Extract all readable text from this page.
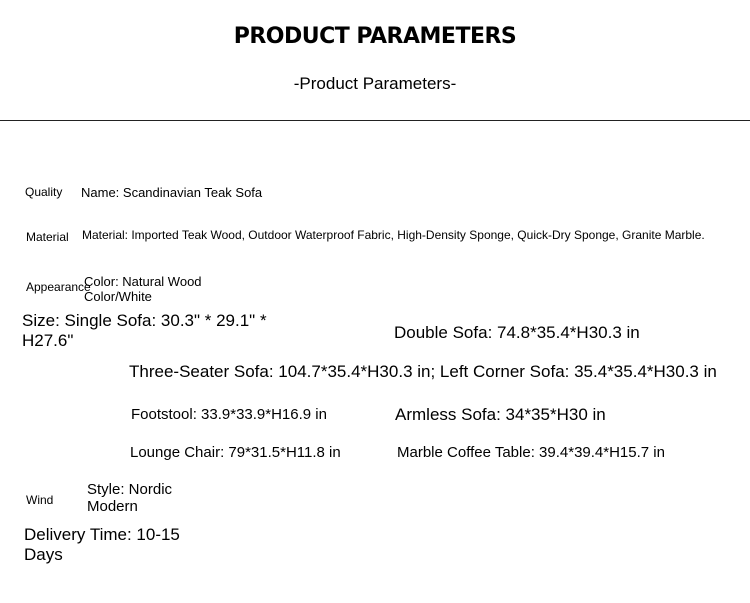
PRODUCT PARAMETERS
-Product Parameters-
Quality Name: Scandinavian Teak Sofa
Material Material: Imported Teak Wood, Outdoor Waterproof Fabric, High-Density Sponge, Quick-Dry Sponge, Granite Marble.
Appearance
Color: Natural Wood Color/White
Size: Single Sofa: 30.3" * 29.1" * H27.6"	Double Sofa: 74.8*35.4*H30.3 in
Three-Seater Sofa: 104.7*35.4*H30.3 in; Left Corner Sofa: 35.4*35.4*H30.3 in
Footstool: 33.9*33.9*H16.9 in	Armless Sofa: 34*35*H30 in
Lounge Chair: 79*31.5*H11.8 in	Marble Coffee Table: 39.4*39.4*H15.7 in
Wind
Style: Nordic Modern
Delivery Time: 10-15 Days
